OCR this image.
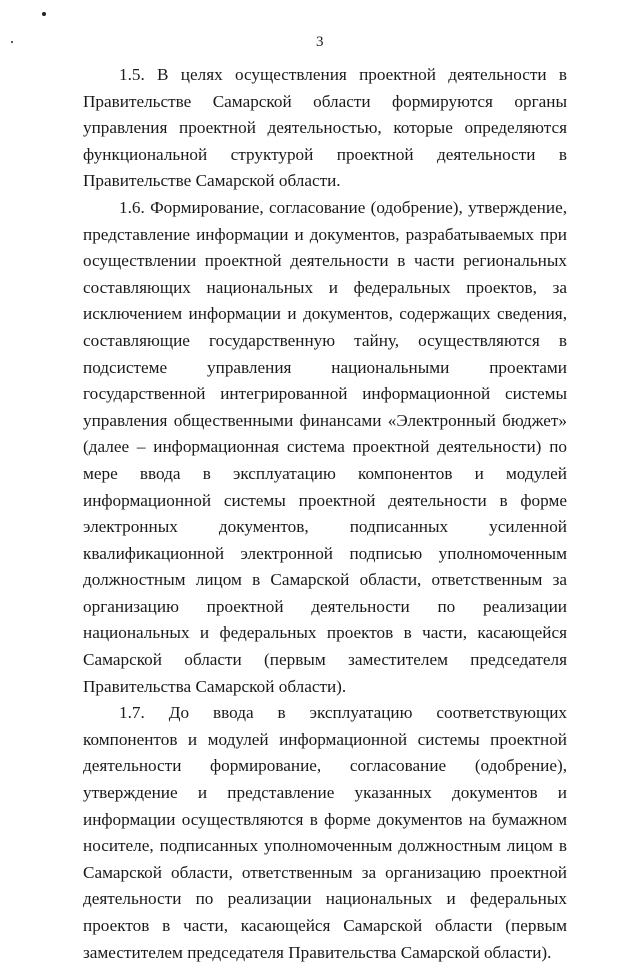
3

1.5. В целях осуществления проектной деятельности в Правительстве Самарской области формируются органы управления проектной деятельностью, которые определяются функциональной структурой проектной деятельности в Правительстве Самарской области.

1.6. Формирование, согласование (одобрение), утверждение, представление информации и документов, разрабатываемых при осуществлении проектной деятельности в части региональных составляющих национальных и федеральных проектов, за исключением информации и документов, содержащих сведения, составляющие государственную тайну, осуществляются в подсистеме управления национальными проектами государственной интегрированной информационной системы управления общественными финансами «Электронный бюджет» (далее – информационная система проектной деятельности) по мере ввода в эксплуатацию компонентов и модулей информационной системы проектной деятельности в форме электронных документов, подписанных усиленной квалификационной электронной подписью уполномоченным должностным лицом в Самарской области, ответственным за организацию проектной деятельности по реализации национальных и федеральных проектов в части, касающейся Самарской области (первым заместителем председателя Правительства Самарской области).

1.7. До ввода в эксплуатацию соответствующих компонентов и модулей информационной системы проектной деятельности формирование, согласование (одобрение), утверждение и представление указанных документов и информации осуществляются в форме документов на бумажном носителе, подписанных уполномоченным должностным лицом в Самарской области, ответственным за организацию проектной деятельности по реализации национальных и федеральных проектов в части, касающейся Самарской области (первым заместителем председателя Правительства Самарской области).
